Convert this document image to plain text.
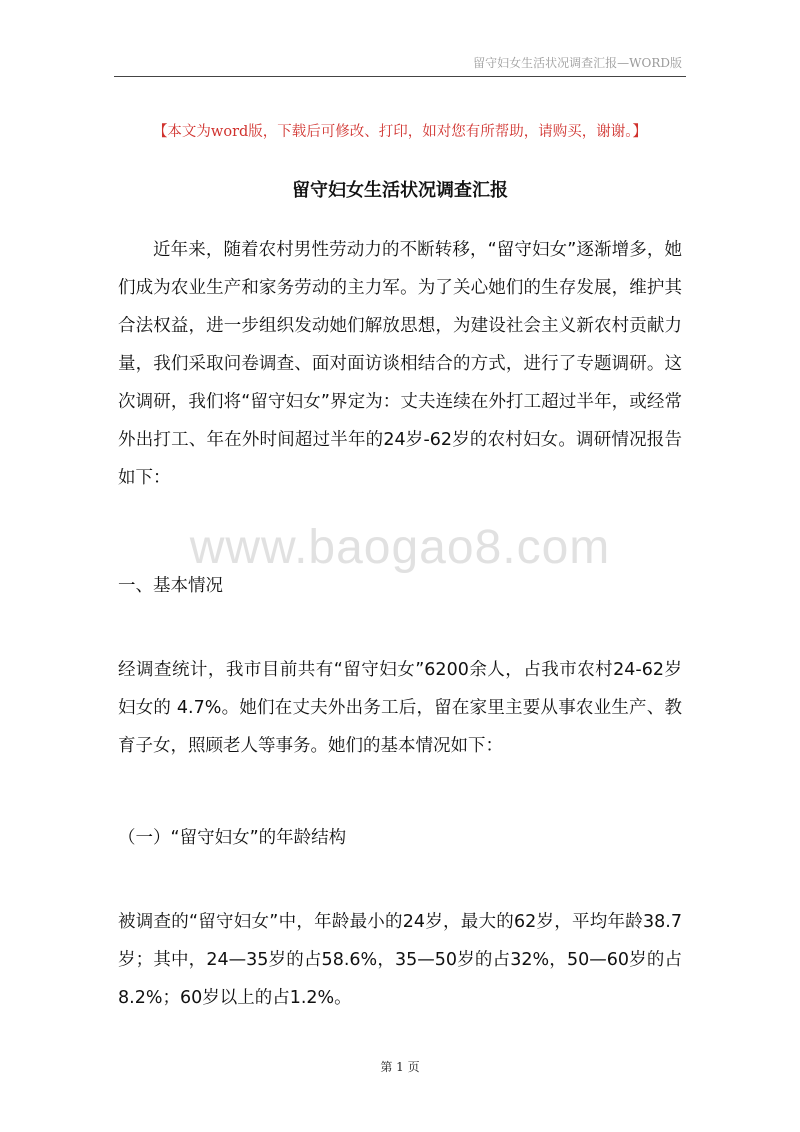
留守妇女生活状况调查汇报—WORD版
【本文为word版，下载后可修改、打印，如对您有所帮助，请购买，谢谢。】
留守妇女生活状况调查汇报
近年来，随着农村男性劳动力的不断转移，“留守妇女”逐渐增多，她们成为农业生产和家务劳动的主力军。为了关心她们的生存发展，维护其合法权益，进一步组织发动她们解放思想，为建设社会主义新农村贡献力量，我们采取问卷调查、面对面访谈相结合的方式，进行了专题调研。这次调研，我们将“留守妇女”界定为：丈夫连续在外打工超过半年，或经常外出打工、年在外时间超过半年的24岁-62岁的农村妇女。调研情况报告如下：
www.baogao8.com
一、基本情况
经调查统计，我市目前共有“留守妇女”6200余人，占我市农村24-62岁妇女的 4.7%。她们在丈夫外出务工后，留在家里主要从事农业生产、教育子女，照顾老人等事务。她们的基本情况如下：
（一）“留守妇女”的年龄结构
被调查的“留守妇女”中，年龄最小的24岁，最大的62岁，平均年龄38.7岁；其中，24—35岁的占58.6%，35—50岁的占32%，50—60岁的占8.2%；60岁以上的占1.2%。
第 1 页
